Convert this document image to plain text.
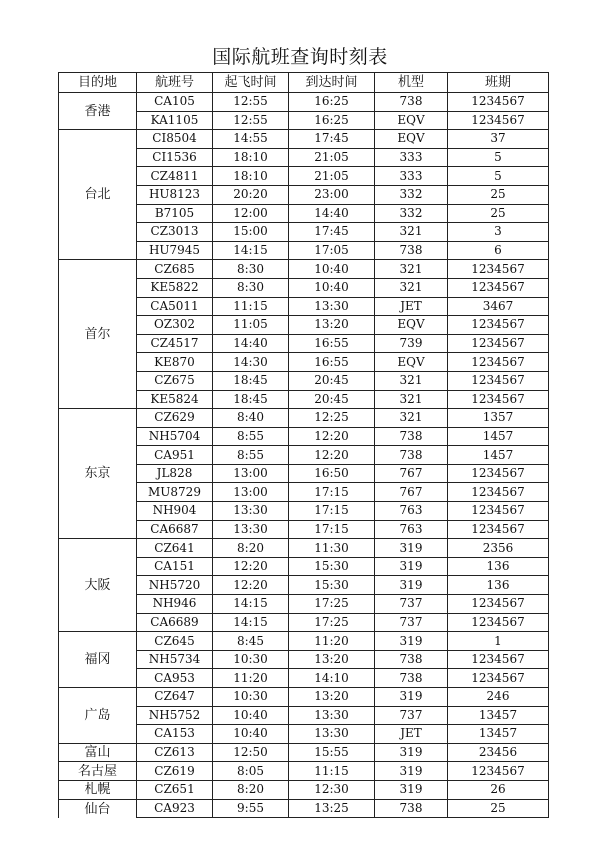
国际航班查询时刻表
目的地	航班号	起飞时间	到达时间	机型	班期
香港	CA105	12:55	16:25	738	1234567
	KA1105	12:55	16:25	EQV	1234567
台北	CI8504	14:55	17:45	EQV	37
	CI1536	18:10	21:05	333	5
	CZ4811	18:10	21:05	333	5
	HU8123	20:20	23:00	332	25
	B7105	12:00	14:40	332	25
	CZ3013	15:00	17:45	321	3
	HU7945	14:15	17:05	738	6
首尔	CZ685	8:30	10:40	321	1234567
	KE5822	8:30	10:40	321	1234567
	CA5011	11:15	13:30	JET	3467
	OZ302	11:05	13:20	EQV	1234567
	CZ4517	14:40	16:55	739	1234567
	KE870	14:30	16:55	EQV	1234567
	CZ675	18:45	20:45	321	1234567
	KE5824	18:45	20:45	321	1234567
东京	CZ629	8:40	12:25	321	1357
	NH5704	8:55	12:20	738	1457
	CA951	8:55	12:20	738	1457
	JL828	13:00	16:50	767	1234567
	MU8729	13:00	17:15	767	1234567
	NH904	13:30	17:15	763	1234567
	CA6687	13:30	17:15	763	1234567
大阪	CZ641	8:20	11:30	319	2356
	CA151	12:20	15:30	319	136
	NH5720	12:20	15:30	319	136
	NH946	14:15	17:25	737	1234567
	CA6689	14:15	17:25	737	1234567
福冈	CZ645	8:45	11:20	319	1
	NH5734	10:30	13:20	738	1234567
	CA953	11:20	14:10	738	1234567
广岛	CZ647	10:30	13:20	319	246
	NH5752	10:40	13:30	737	13457
	CA153	10:40	13:30	JET	13457
富山	CZ613	12:50	15:55	319	23456
名古屋	CZ619	8:05	11:15	319	1234567
札幌	CZ651	8:20	12:30	319	26
仙台	CA923	9:55	13:25	738	25
